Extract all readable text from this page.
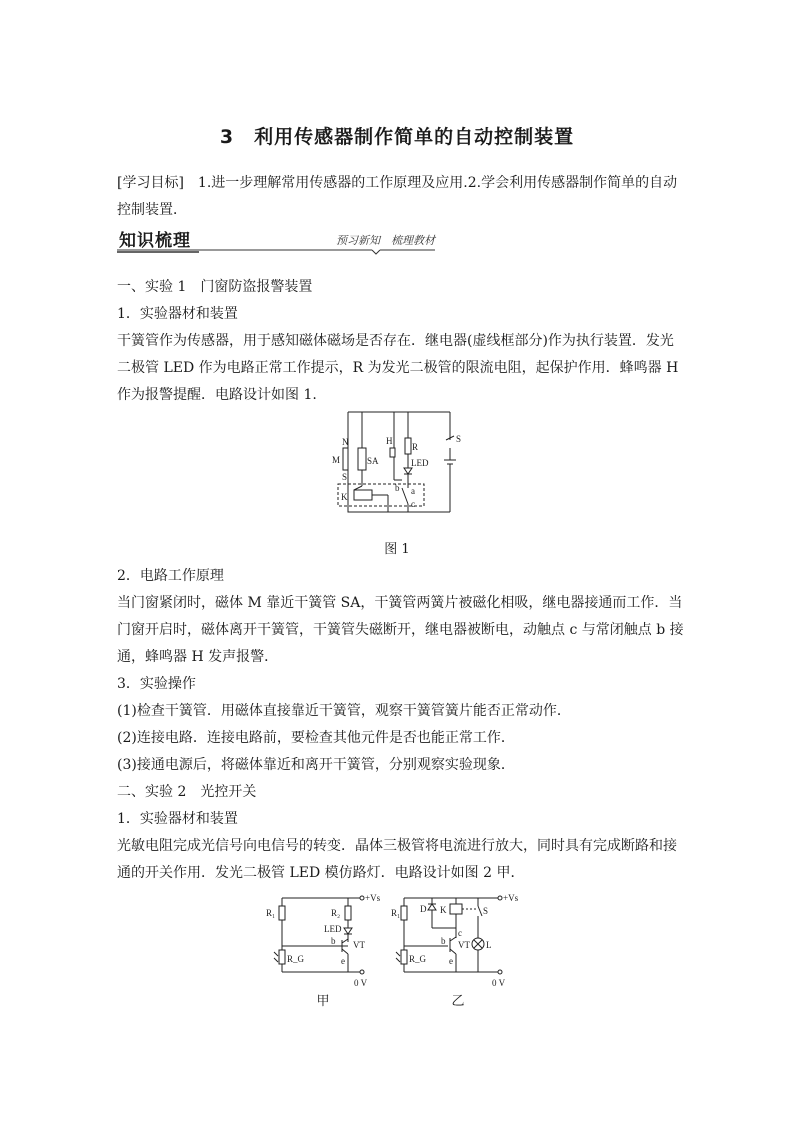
3　利用传感器制作简单的自动控制装置
[学习目标]　1.进一步理解常用传感器的工作原理及应用.2.学会利用传感器制作简单的自动
控制装置．
知识梳理	预习新知　梳理教材
一、实验 1　门窗防盗报警装置
1．实验器材和装置
干簧管作为传感器，用于感知磁体磁场是否存在．继电器(虚线框部分)作为执行装置．发光
二极管 LED 作为电路正常工作提示，R 为发光二极管的限流电阻，起保护作用．蜂鸣器 H
作为报警提醒．电路设计如图 1.
N
M
S
SA
H
R
LED
S
K
b a
c
图 1
2．电路工作原理
当门窗紧闭时，磁体 M 靠近干簧管 SA，干簧管两簧片被磁化相吸，继电器接通而工作．当
门窗开启时，磁体离开干簧管，干簧管失磁断开，继电器被断电，动触点 c 与常闭触点 b 接
通，蜂鸣器 H 发声报警．
3．实验操作
(1)检查干簧管．用磁体直接靠近干簧管，观察干簧管簧片能否正常动作．
(2)连接电路．连接电路前，要检查其他元件是否也能正常工作．
(3)接通电源后，将磁体靠近和离开干簧管，分别观察实验现象．
二、实验 2　光控开关
1．实验器材和装置
光敏电阻完成光信号向电信号的转变．晶体三极管将电流进行放大，同时具有完成断路和接
通的开关作用．发光二极管 LED 模仿路灯．电路设计如图 2 甲．
+Vs
R₁	R₂
LED
b VT
e
R_G
0 V
甲
+Vs
R₁ D K	S
b
c
VT L
e
R_G
0 V
乙
